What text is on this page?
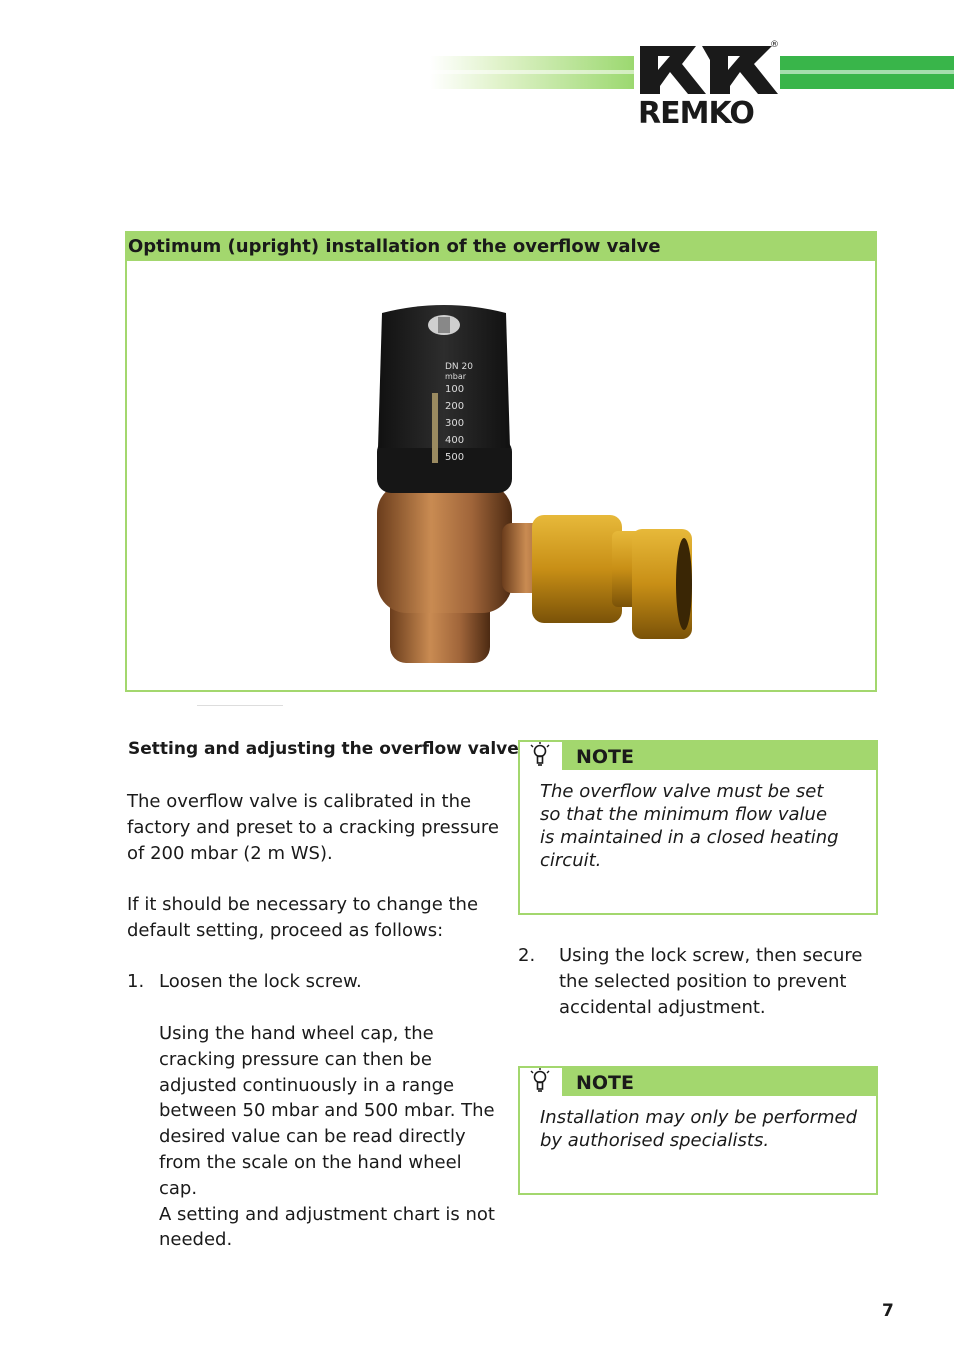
®
REMKO
Optimum (upright) installation of the overflow valve
DN 20
mbar
100
200
300
400
500
Setting and adjusting the overflow valve
The overflow valve is calibrated in the
factory and preset to a cracking pressure
of 200 mbar (2 m WS).
If it should be necessary to change the
default setting, proceed as follows:
1. Loosen the lock screw.
Using the hand wheel cap, the
cracking pressure can then be
adjusted continuously in a range
between 50 mbar and 500 mbar. The
desired value can be read directly
from the scale on the hand wheel
cap.
A setting and adjustment chart is not
needed.
NOTE
The overflow valve must be set
so that the minimum flow value
is maintained in a closed heating
circuit.
2. Using the lock screw, then secure
the selected position to prevent
accidental adjustment.
NOTE
Installation may only be performed
by authorised specialists.
7
